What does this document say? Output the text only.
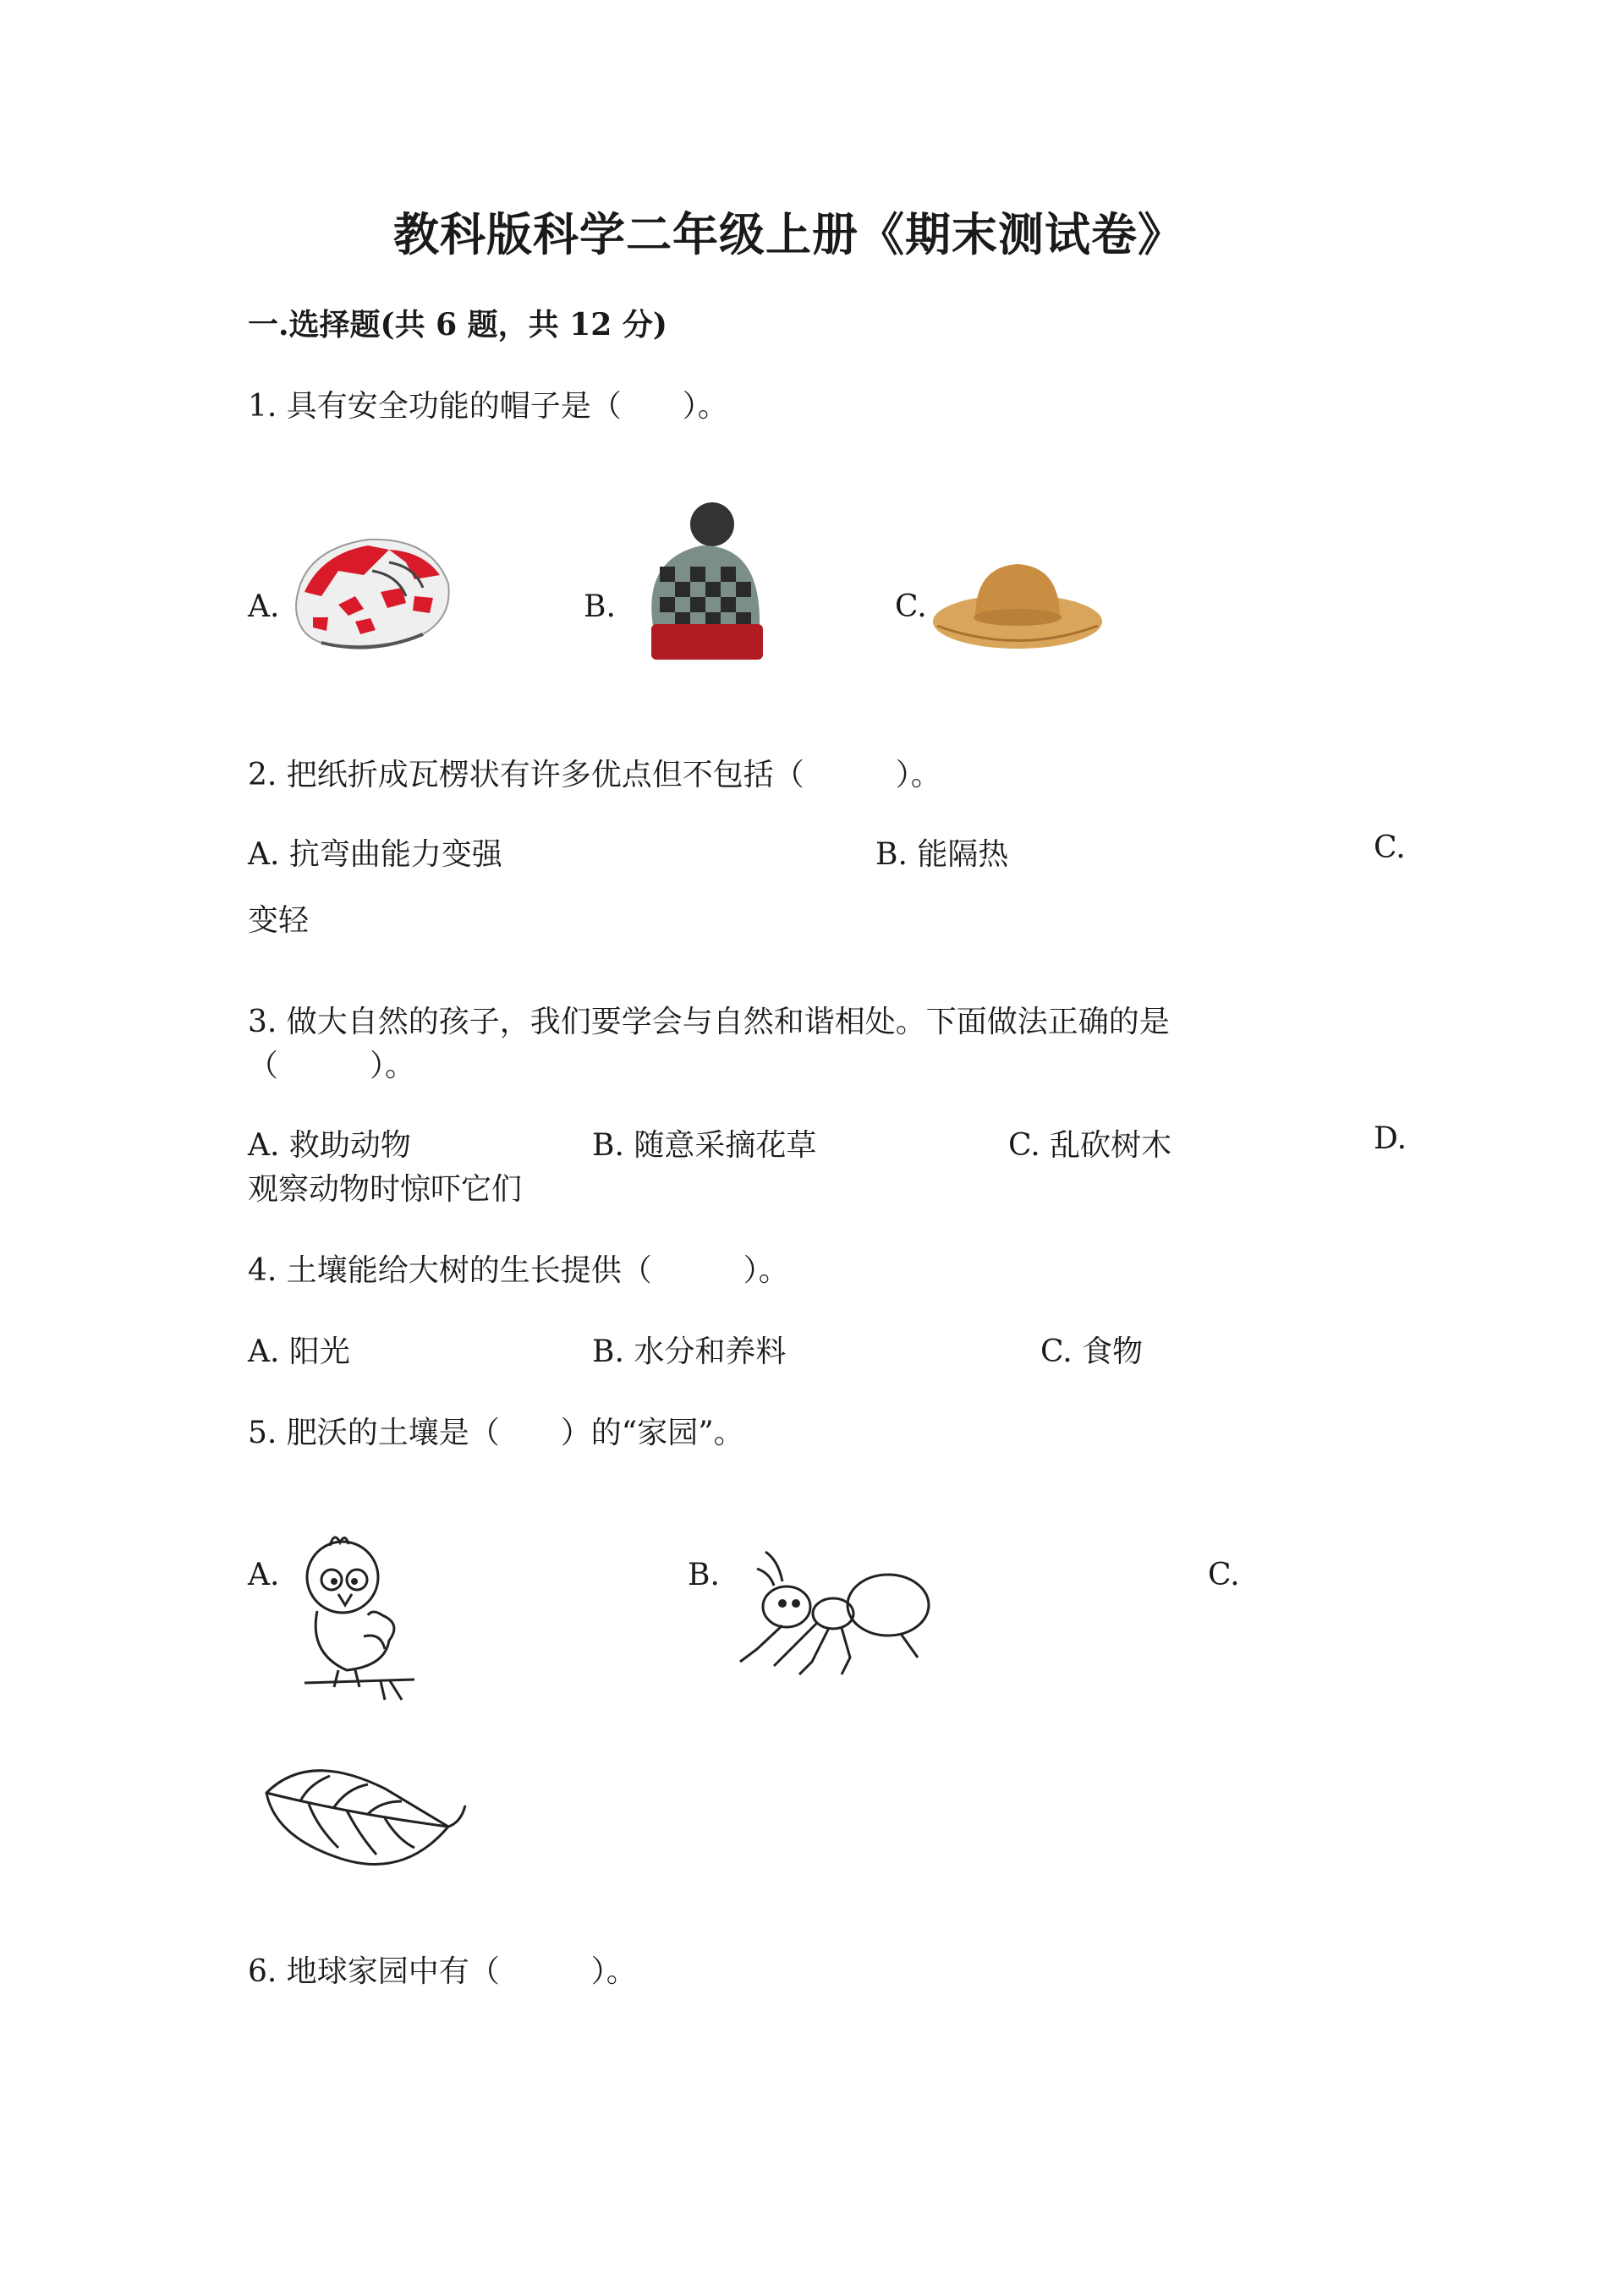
教科版科学二年级上册《期末测试卷》
一.选择题(共 6 题，共 12 分)
1. 具有安全功能的帽子是（　　）。
A.	B.	C.
2. 把纸折成瓦楞状有许多优点但不包括（　　　）。
A. 抗弯曲能力变强	B. 能隔热	C.
变轻
3. 做大自然的孩子，我们要学会与自然和谐相处。下面做法正确的是
（　　　）。
A. 救助动物	B. 随意采摘花草	C. 乱砍树木	D.
观察动物时惊吓它们
4. 土壤能给大树的生长提供（　　　）。
A. 阳光	B. 水分和养料	C. 食物
5. 肥沃的土壤是（　　）的“家园”。
A.	B.	C.
6. 地球家园中有（　　　）。
